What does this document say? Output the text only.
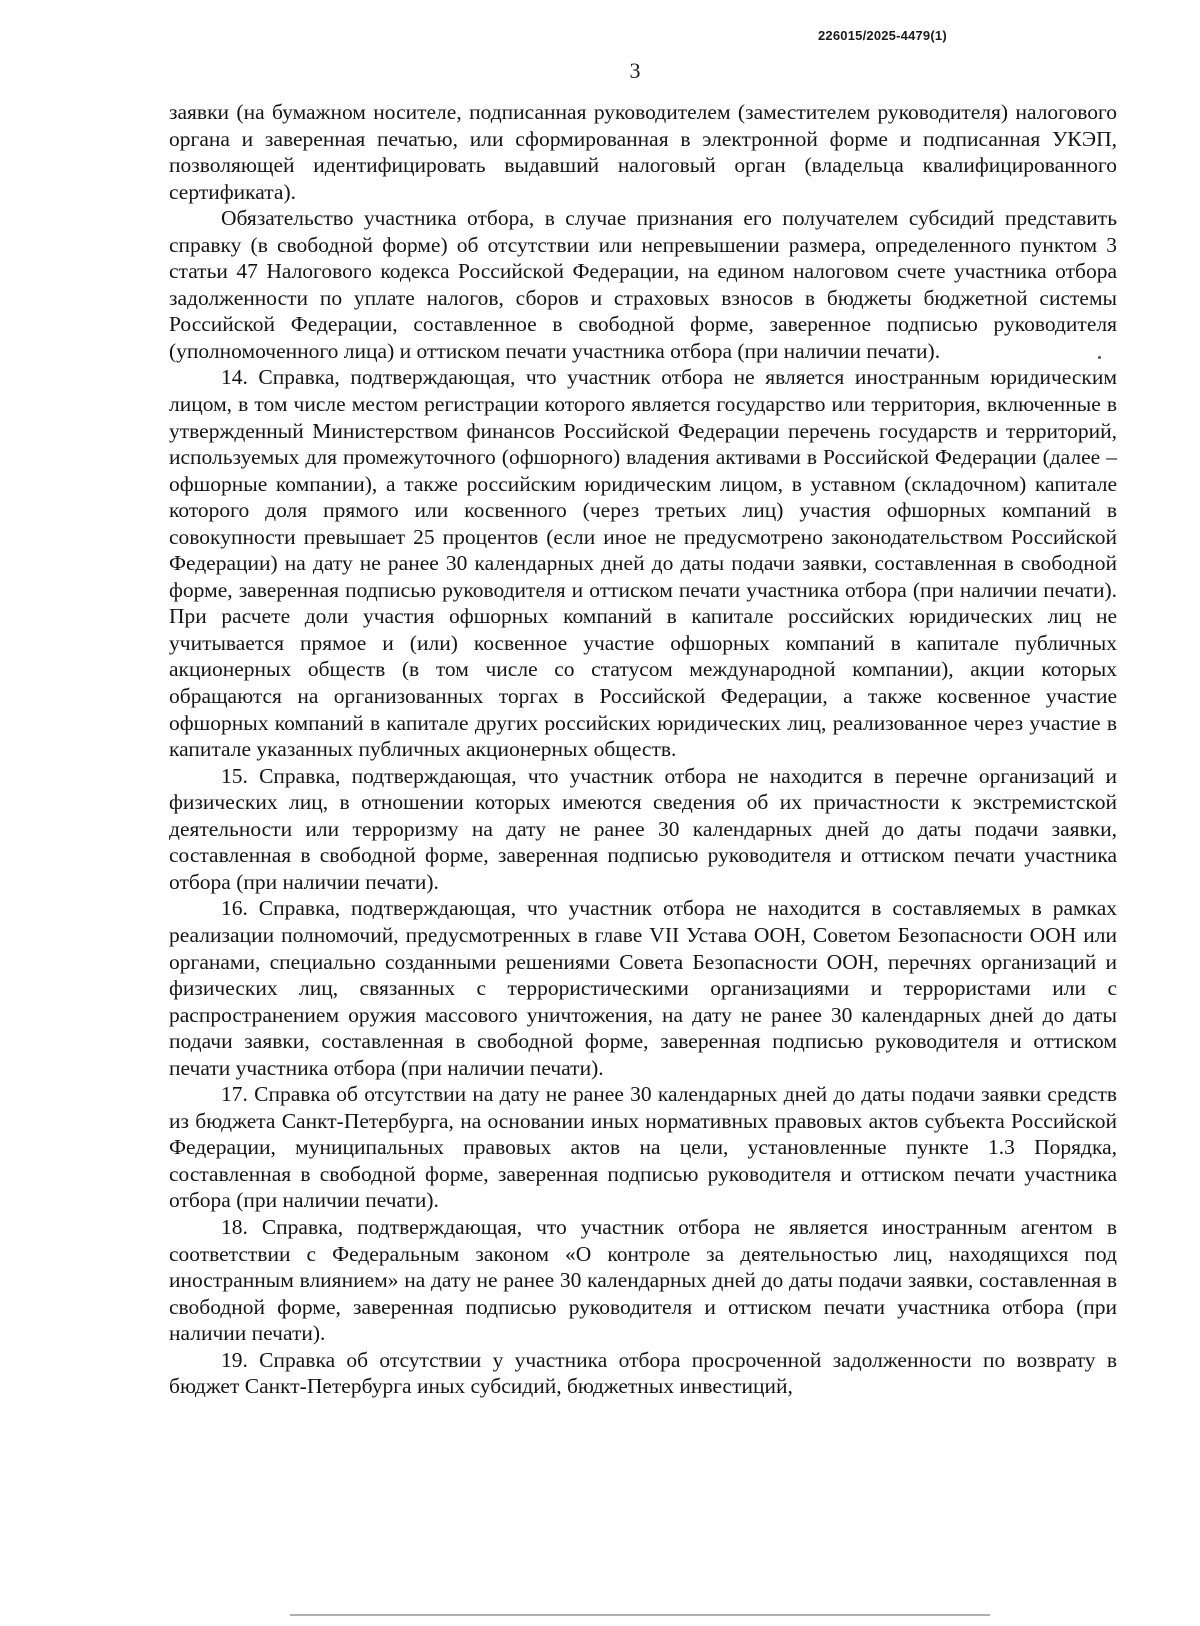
226015/2025-4479(1)
3

заявки (на бумажном носителе, подписанная руководителем (заместителем руководителя) налогового органа и заверенная печатью, или сформированная в электронной форме и подписанная УКЭП, позволяющей идентифицировать выдавший налоговый орган (владельца квалифицированного сертификата).

Обязательство участника отбора, в случае признания его получателем субсидий представить справку (в свободной форме) об отсутствии или непревышении размера, определенного пунктом 3 статьи 47 Налогового кодекса Российской Федерации, на едином налоговом счете участника отбора задолженности по уплате налогов, сборов и страховых взносов в бюджеты бюджетной системы Российской Федерации, составленное в свободной форме, заверенное подписью руководителя (уполномоченного лица) и оттиском печати участника отбора (при наличии печати).

14. Справка, подтверждающая, что участник отбора не является иностранным юридическим лицом, в том числе местом регистрации которого является государство или территория, включенные в утвержденный Министерством финансов Российской Федерации перечень государств и территорий, используемых для промежуточного (офшорного) владения активами в Российской Федерации (далее – офшорные компании), а также российским юридическим лицом, в уставном (складочном) капитале которого доля прямого или косвенного (через третьих лиц) участия офшорных компаний в совокупности превышает 25 процентов (если иное не предусмотрено законодательством Российской Федерации) на дату не ранее 30 календарных дней до даты подачи заявки, составленная в свободной форме, заверенная подписью руководителя и оттиском печати участника отбора (при наличии печати). При расчете доли участия офшорных компаний в капитале российских юридических лиц не учитывается прямое и (или) косвенное участие офшорных компаний в капитале публичных акционерных обществ (в том числе со статусом международной компании), акции которых обращаются на организованных торгах в Российской Федерации, а также косвенное участие офшорных компаний в капитале других российских юридических лиц, реализованное через участие в капитале указанных публичных акционерных обществ.

15. Справка, подтверждающая, что участник отбора не находится в перечне организаций и физических лиц, в отношении которых имеются сведения об их причастности к экстремистской деятельности или терроризму на дату не ранее 30 календарных дней до даты подачи заявки, составленная в свободной форме, заверенная подписью руководителя и оттиском печати участника отбора (при наличии печати).

16. Справка, подтверждающая, что участник отбора не находится в составляемых в рамках реализации полномочий, предусмотренных в главе VII Устава ООН, Советом Безопасности ООН или органами, специально созданными решениями Совета Безопасности ООН, перечнях организаций и физических лиц, связанных с террористическими организациями и террористами или с распространением оружия массового уничтожения, на дату не ранее 30 календарных дней до даты подачи заявки, составленная в свободной форме, заверенная подписью руководителя и оттиском печати участника отбора (при наличии печати).

17. Справка об отсутствии на дату не ранее 30 календарных дней до даты подачи заявки средств из бюджета Санкт-Петербурга, на основании иных нормативных правовых актов субъекта Российской Федерации, муниципальных правовых актов на цели, установленные пункте 1.3 Порядка, составленная в свободной форме, заверенная подписью руководителя и оттиском печати участника отбора (при наличии печати).

18. Справка, подтверждающая, что участник отбора не является иностранным агентом в соответствии с Федеральным законом «О контроле за деятельностью лиц, находящихся под иностранным влиянием» на дату не ранее 30 календарных дней до даты подачи заявки, составленная в свободной форме, заверенная подписью руководителя и оттиском печати участника отбора (при наличии печати).

19. Справка об отсутствии у участника отбора просроченной задолженности по возврату в бюджет Санкт-Петербурга иных субсидий, бюджетных инвестиций,
